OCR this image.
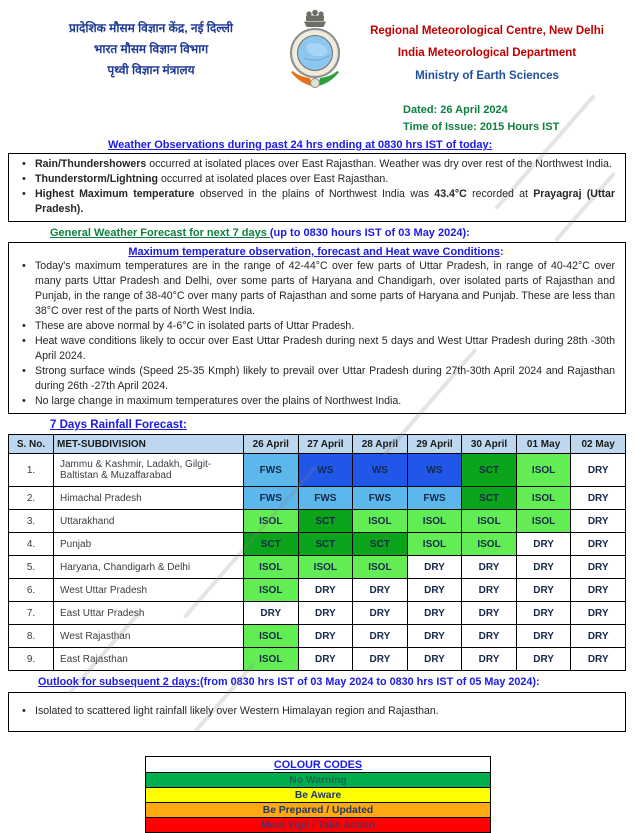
प्रादेशिक मौसम विज्ञान केंद्र, नई दिल्ली
भारत मौसम विज्ञान विभाग
पृथ्वी विज्ञान मंत्रालय
Regional Meteorological Centre, New Delhi
India Meteorological Department
Ministry of Earth Sciences
Dated: 26 April 2024
Time of Issue: 2015 Hours IST
Weather Observations during past 24 hrs ending at 0830 hrs IST of today:
• Rain/Thundershowers occurred at isolated places over East Rajasthan. Weather was dry over rest of the Northwest India.
• Thunderstorm/Lightning occurred at isolated places over East Rajasthan.
• Highest Maximum temperature observed in the plains of Northwest India was 43.4°C recorded at Prayagraj (Uttar Pradesh).
General Weather Forecast for next 7 days (up to 0830 hours IST of 03 May 2024):
Maximum temperature observation, forecast and Heat wave Conditions:
• Today's maximum temperatures are in the range of 42-44°C over few parts of Uttar Pradesh, in range of 40-42°C over many parts Uttar Pradesh and Delhi, over some parts of Haryana and Chandigarh, over isolated parts of Rajasthan and Punjab, in the range of 38-40°C over many parts of Rajasthan and some parts of Haryana and Punjab. These are less than 38°C over rest of the parts of North West India.
• These are above normal by 4-6°C in isolated parts of Uttar Pradesh.
• Heat wave conditions likely to occur over East Uttar Pradesh during next 5 days and West Uttar Pradesh during 28th -30th April 2024.
• Strong surface winds (Speed 25-35 Kmph) likely to prevail over Uttar Pradesh during 27th-30th April 2024 and Rajasthan during 26th -27th April 2024.
• No large change in maximum temperatures over the plains of Northwest India.
7 Days Rainfall Forecast:
S. No.	MET-SUBDIVISION	26 April	27 April	28 April	29 April	30 April	01 May	02 May
1.	Jammu & Kashmir, Ladakh, Gilgit-Baltistan & Muzaffarabad	FWS	WS	WS	WS	SCT	ISOL	DRY
2.	Himachal Pradesh	FWS	FWS	FWS	FWS	SCT	ISOL	DRY
3.	Uttarakhand	ISOL	SCT	ISOL	ISOL	ISOL	ISOL	DRY
4.	Punjab	SCT	SCT	SCT	ISOL	ISOL	DRY	DRY
5.	Haryana, Chandigarh & Delhi	ISOL	ISOL	ISOL	DRY	DRY	DRY	DRY
6.	West Uttar Pradesh	ISOL	DRY	DRY	DRY	DRY	DRY	DRY
7.	East Uttar Pradesh	DRY	DRY	DRY	DRY	DRY	DRY	DRY
8.	West Rajasthan	ISOL	DRY	DRY	DRY	DRY	DRY	DRY
9.	East Rajasthan	ISOL	DRY	DRY	DRY	DRY	DRY	DRY
Outlook for subsequent 2 days:(from 0830 hrs IST of 03 May 2024 to 0830 hrs IST of 05 May 2024):
• Isolated to scattered light rainfall likely over Western Himalayan region and Rajasthan.
COLOUR CODES
No Warning
Be Aware
Be Prepared / Updated
Most Vigil / Take Action
